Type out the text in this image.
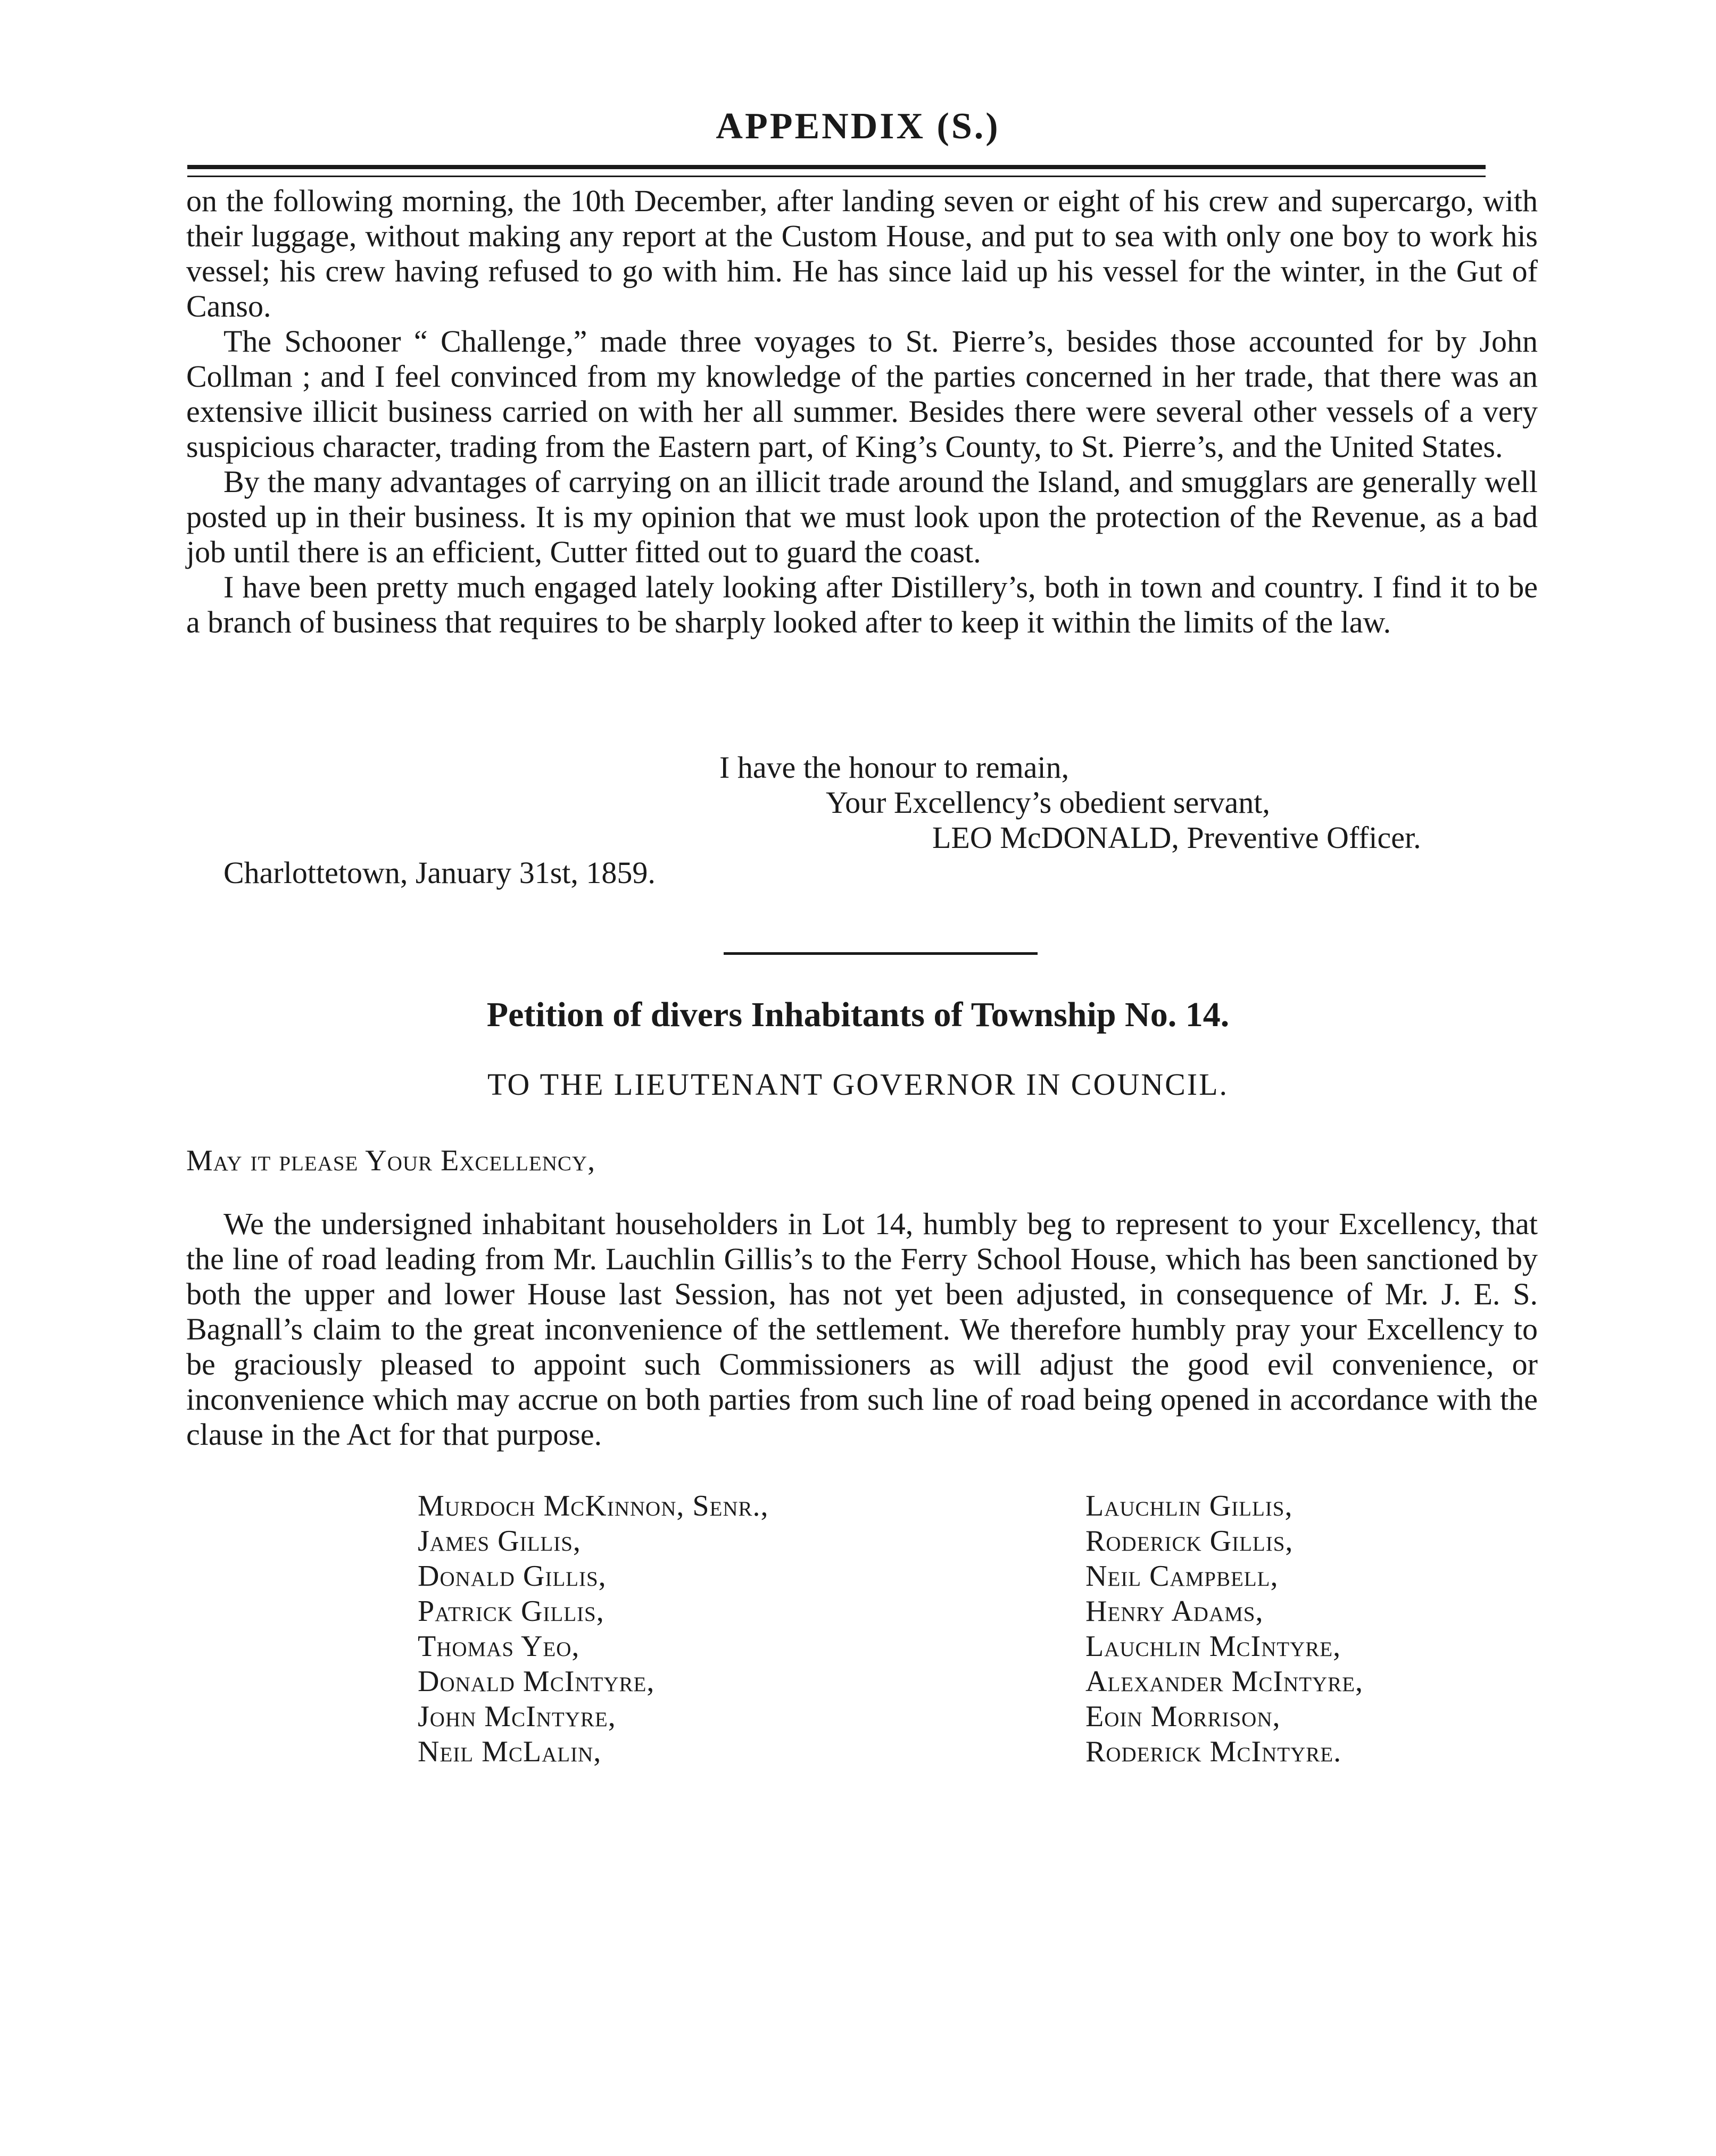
APPENDIX (S.)

on the following morning, the 10th December, after landing seven or eight of his crew and supercargo, with their luggage, without making any report at the Custom House, and put to sea with only one boy to work his vessel; his crew having refused to go with him. He has since laid up his vessel for the winter, in the Gut of Canso.

The Schooner “ Challenge,” made three voyages to St. Pierre’s, besides those accounted for by John Collman ; and I feel convinced from my knowledge of the parties concerned in her trade, that there was an extensive illicit business carried on with her all summer. Besides there were several other vessels of a very suspicious character, trading from the Eastern part, of King’s County, to St. Pierre’s, and the United States.

By the many advantages of carrying on an illicit trade around the Island, and smugglars are generally well posted up in their business. It is my opinion that we must look upon the protection of the Revenue, as a bad job until there is an efficient, Cutter fitted out to guard the coast.

I have been pretty much engaged lately looking after Distillery’s, both in town and country. I find it to be a branch of business that requires to be sharply looked after to keep it within the limits of the law.

I have the honour to remain,
Your Excellency’s obedient servant,
LEO McDONALD, Preventive Officer.
Charlottetown, January 31st, 1859.
Petition of divers Inhabitants of Township No. 14.
TO THE LIEUTENANT GOVERNOR IN COUNCIL.
May it please Your Excellency,

We the undersigned inhabitant householders in Lot 14, humbly beg to represent to your Excellency, that the line of road leading from Mr. Lauchlin Gillis’s to the Ferry School House, which has been sanctioned by both the upper and lower House last Session, has not yet been adjusted, in consequence of Mr. J. E. S. Bagnall’s claim to the great inconvenience of the settlement. We therefore humbly pray your Excellency to be graciously pleased to appoint such Commissioners as will adjust the good evil convenience, or inconvenience which may accrue on both parties from such line of road being opened in accordance with the clause in the Act for that purpose.

Murdoch McKinnon, Senr.,
James Gillis,
Donald Gillis,
Patrick Gillis,
Thomas Yeo,
Donald McIntyre,
John McIntyre,
Neil McLalin,
Lauchlin Gillis,
Roderick Gillis,
Neil Campbell,
Henry Adams,
Lauchlin McIntyre,
Alexander McIntyre,
Eoin Morrison,
Roderick McIntyre.
